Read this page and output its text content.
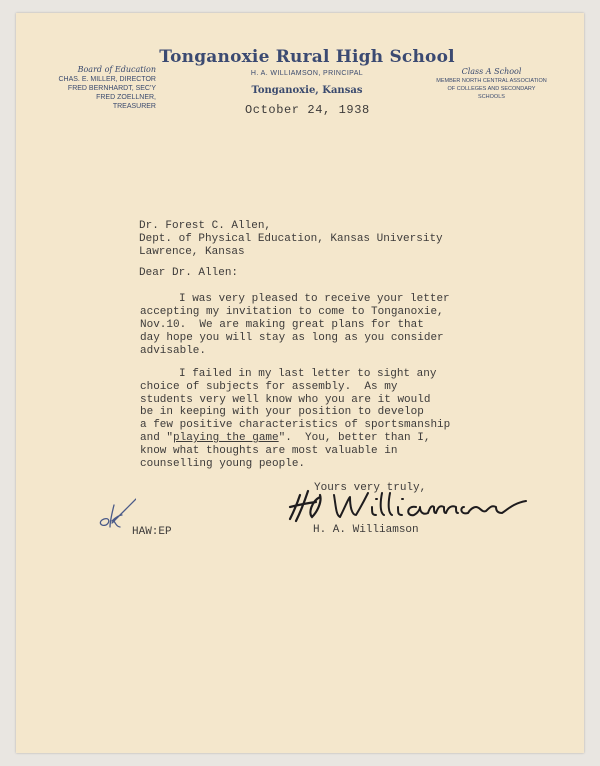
Tonganoxie Rural High School
H. A. WILLIAMSON, PRINCIPAL
Tonganoxie, Kansas
Board of Education
CHAS. E. MILLER, DIRECTOR
FRED BERNHARDT, SEC'Y
FRED ZOELLNER, TREASURER
Class A School
MEMBER NORTH CENTRAL ASSOCIATION
OF COLLEGES AND SECONDARY
SCHOOLS
October 24, 1938
Dr. Forest C. Allen,
Dept. of Physical Education, Kansas University
Lawrence, Kansas
Dear Dr. Allen:
I was very pleased to receive your letter
accepting my invitation to come to Tonganoxie,
Nov.10.  We are making great plans for that
day hope you will stay as long as you consider
advisable.
I failed in my last letter to sight any
choice of subjects for assembly.  As my
students very well know who you are it would
be in keeping with your position to develop
a few positive characteristics of sportsmanship
and "playing the game".  You, better than I,
know what thoughts are most valuable in
counselling young people.
Yours very truly,
H A Williamson
H. A. Williamson
ok
HAW:EP
